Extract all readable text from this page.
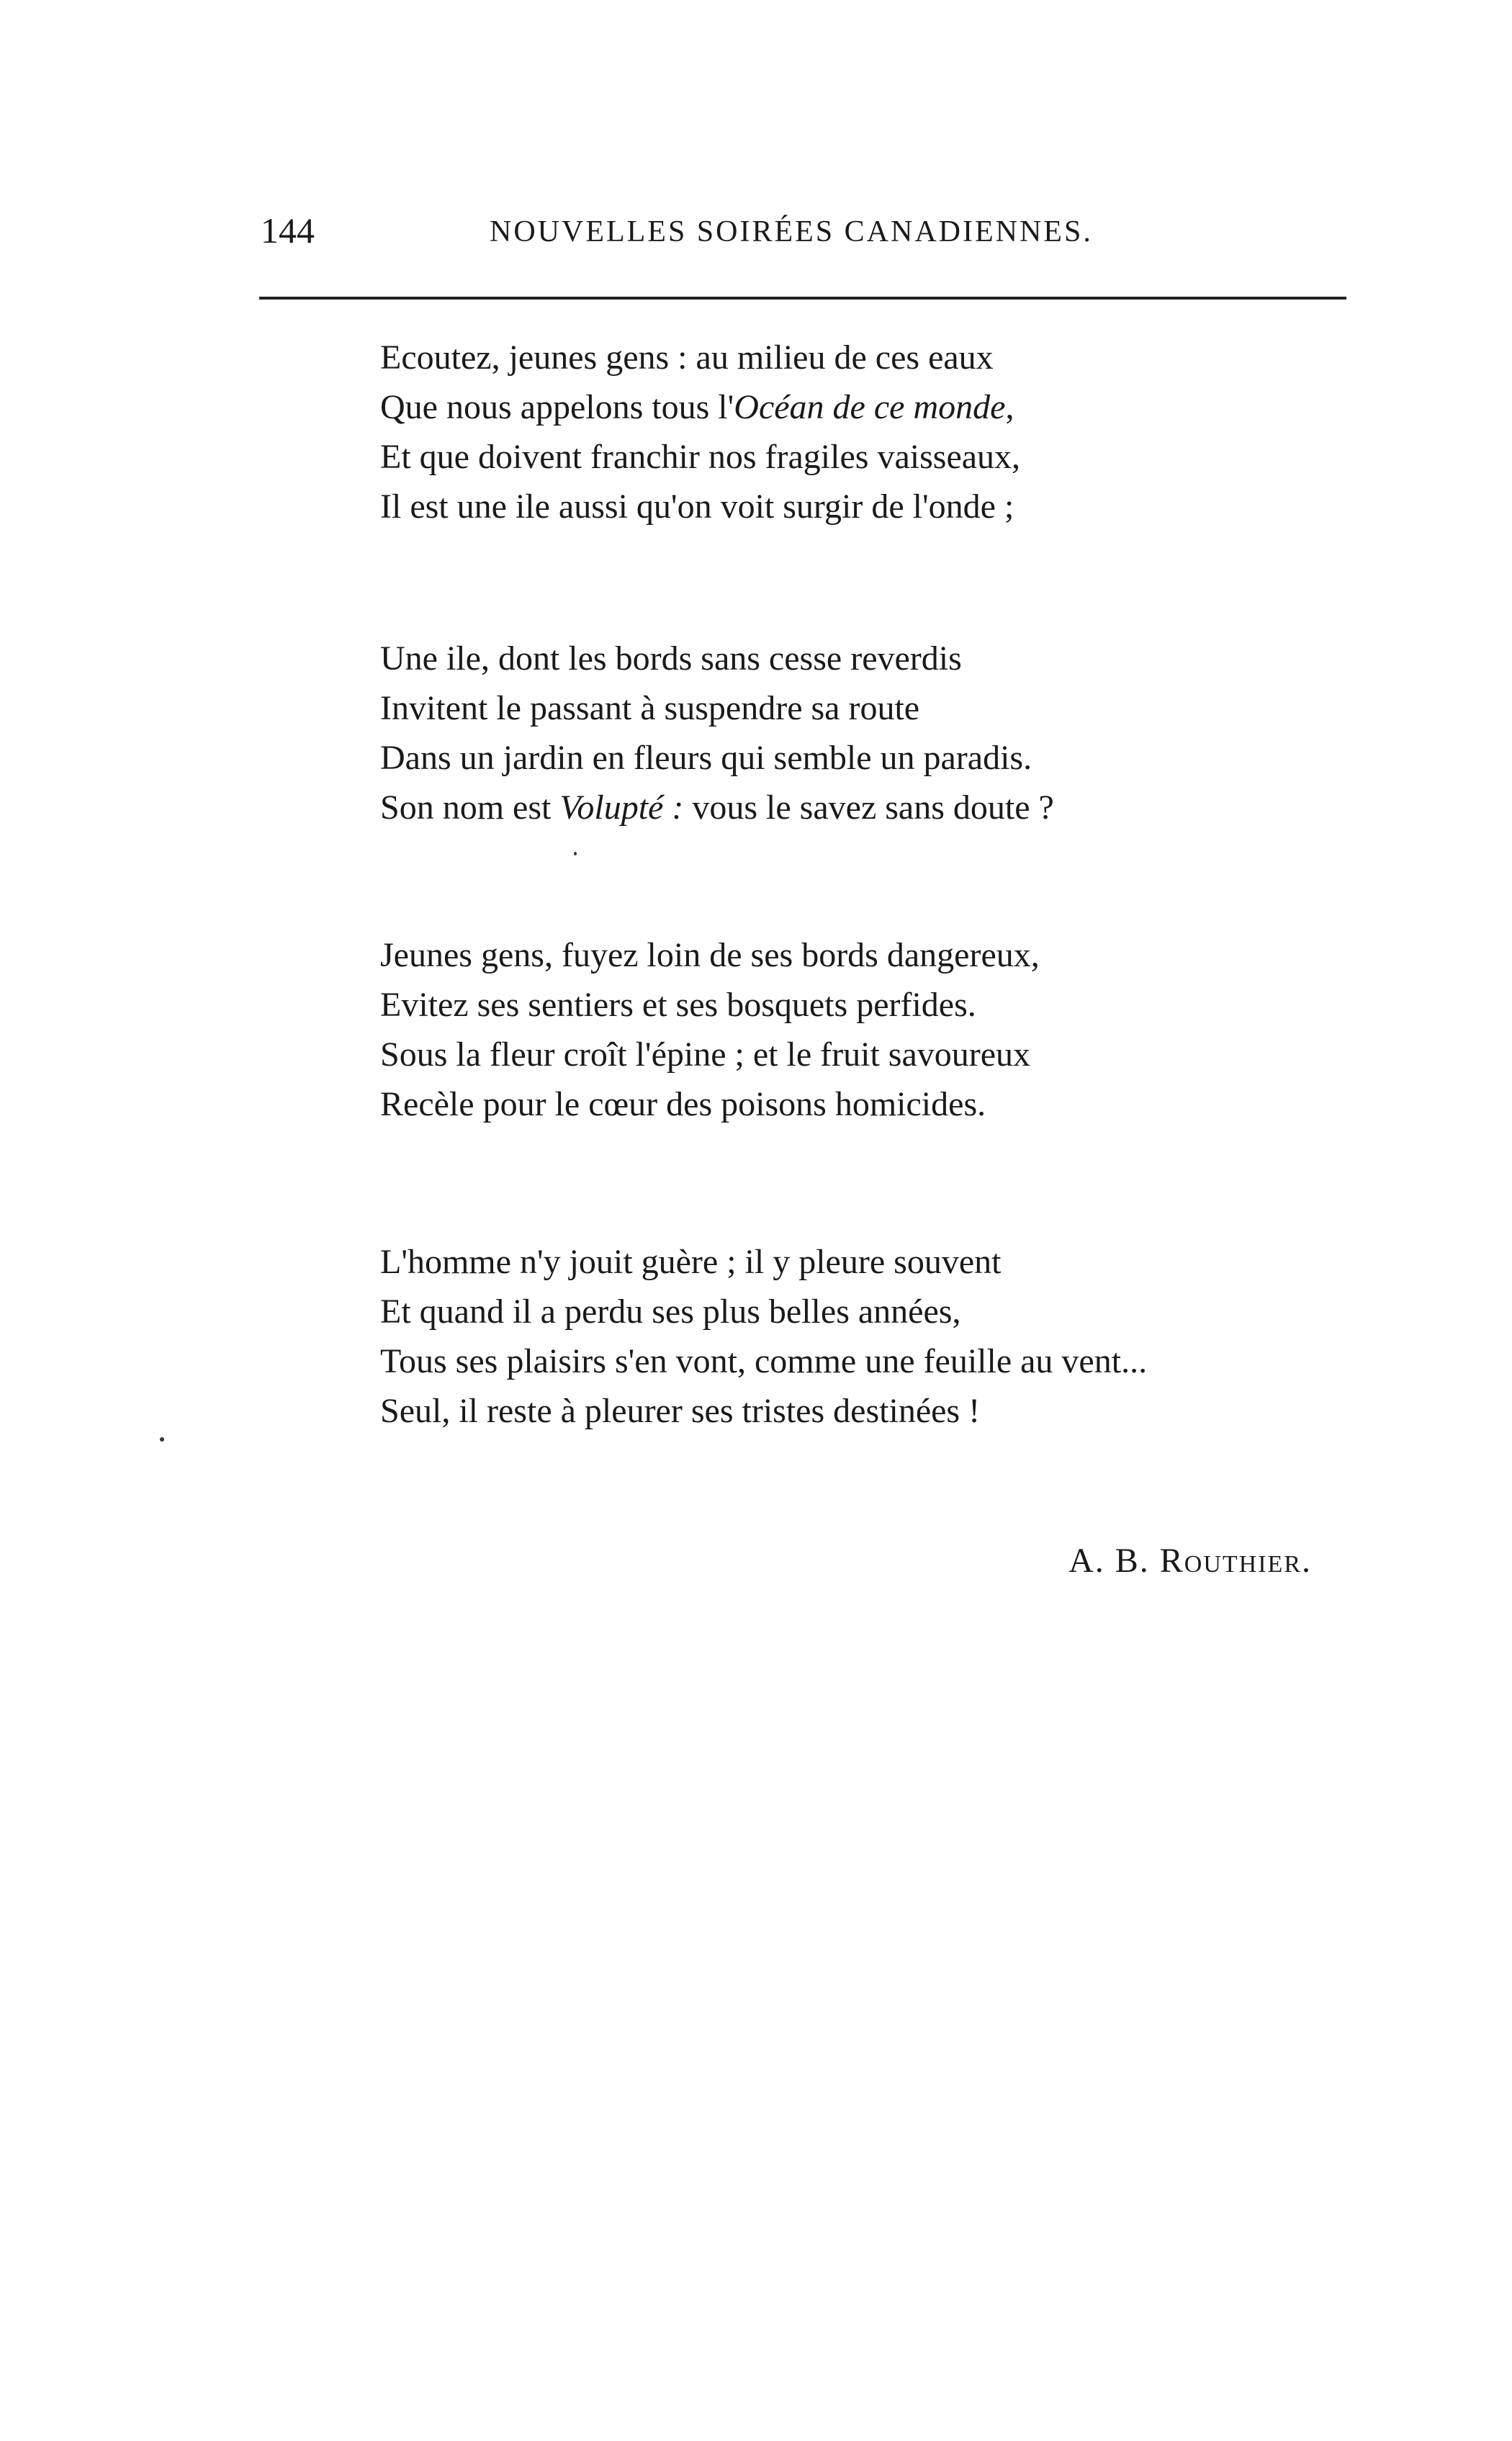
144	NOUVELLES SOIRÉES CANADIENNES.
Ecoutez, jeunes gens : au milieu de ces eaux
Que nous appelons tous l'Océan de ce monde,
Et que doivent franchir nos fragiles vaisseaux,
Il est une ile aussi qu'on voit surgir de l'onde ;
Une ile, dont les bords sans cesse reverdis
Invitent le passant à suspendre sa route
Dans un jardin en fleurs qui semble un paradis.
Son nom est Volupté : vous le savez sans doute ?
Jeunes gens, fuyez loin de ses bords dangereux,
Evitez ses sentiers et ses bosquets perfides.
Sous la fleur croît l'épine ; et le fruit savoureux
Recèle pour le cœur des poisons homicides.
L'homme n'y jouit guère ; il y pleure souvent
Et quand il a perdu ses plus belles années,
Tous ses plaisirs s'en vont, comme une feuille au vent...
Seul, il reste à pleurer ses tristes destinées !
A. B. Routhier.
